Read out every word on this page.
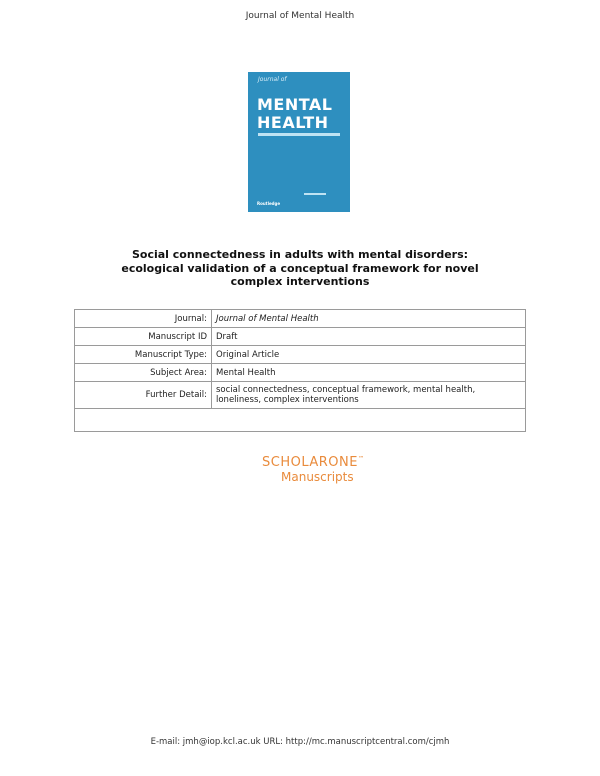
Journal of Mental Health
Journal of
MENTAL
HEALTH
Routledge
Social connectedness in adults with mental disorders:
ecological validation of a conceptual framework for novel
complex interventions
Journal:	Journal of Mental Health
Manuscript ID	Draft
Manuscript Type:	Original Article
Subject Area:	Mental Health
Further Detail:	social connectedness, conceptual framework, mental health, loneliness, complex interventions

SCHOLARONE™
Manuscripts
E-mail: jmh@iop.kcl.ac.uk URL: http://mc.manuscriptcentral.com/cjmh
